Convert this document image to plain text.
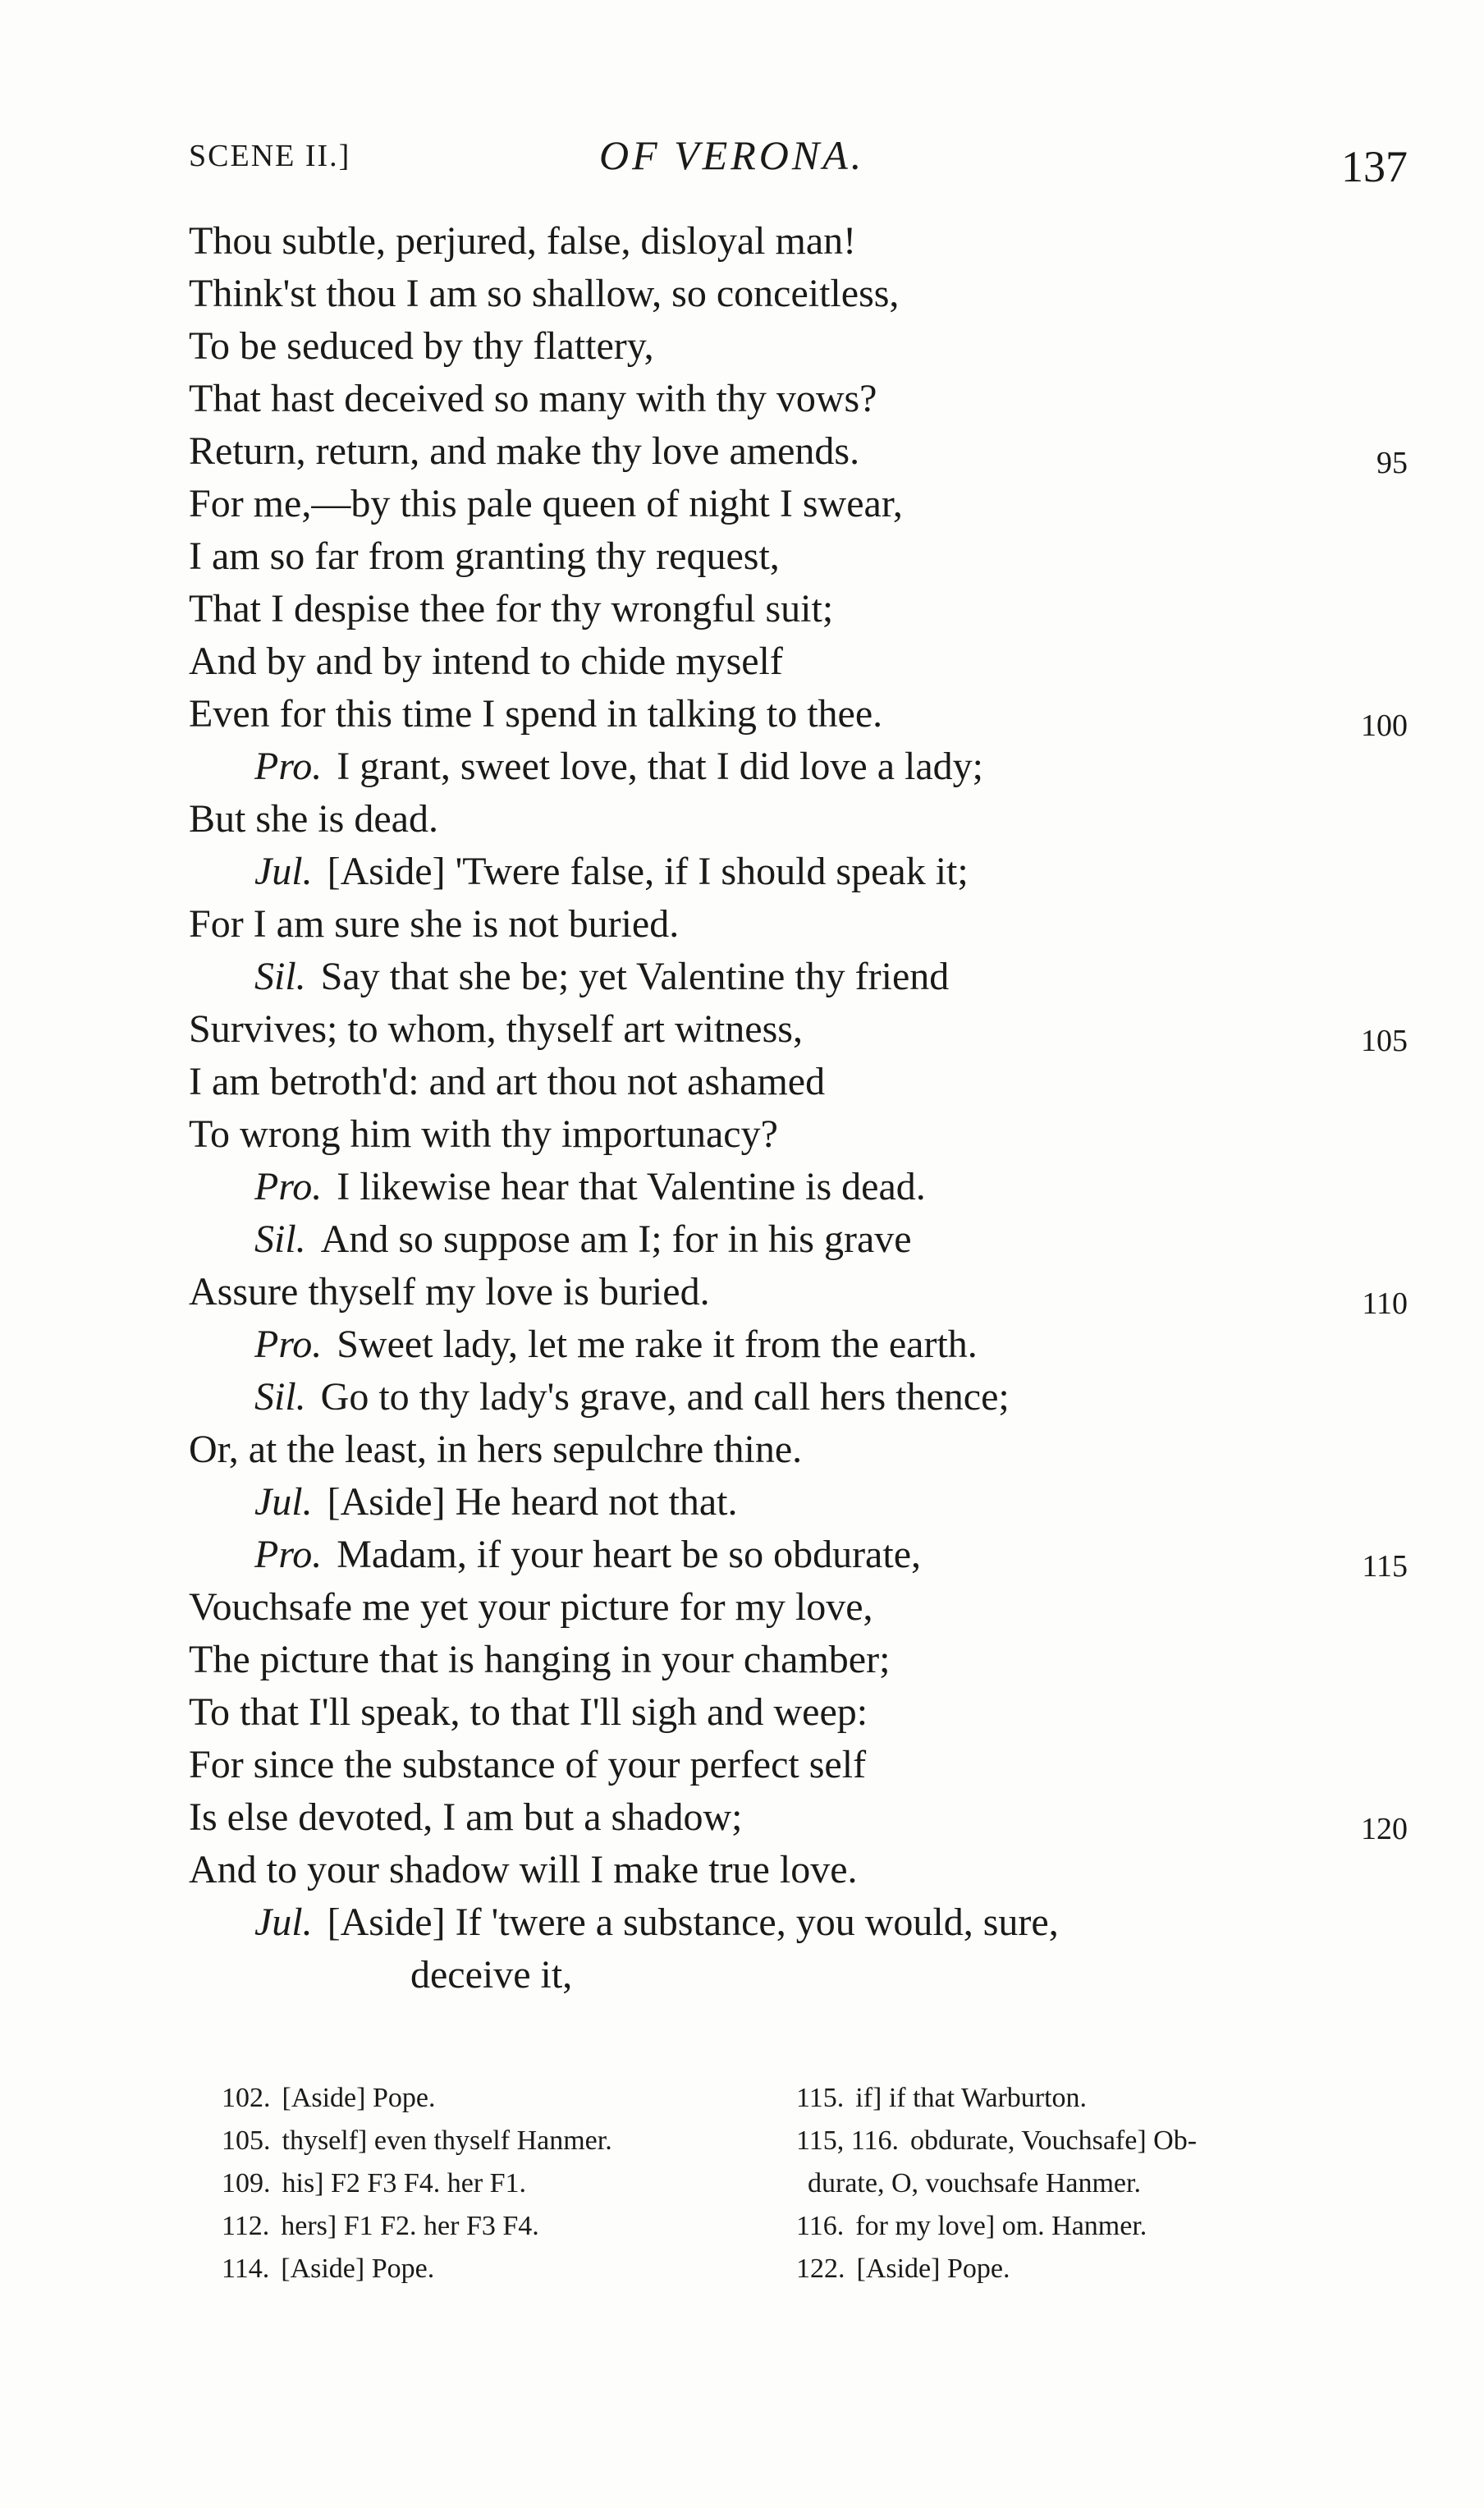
SCENE II.]	OF VERONA.	137
Thou subtle, perjured, false, disloyal man!
Think'st thou I am so shallow, so conceitless,
To be seduced by thy flattery,
That hast deceived so many with thy vows?
Return, return, and make thy love amends.	95
For me,—by this pale queen of night I swear,
I am so far from granting thy request,
That I despise thee for thy wrongful suit;
And by and by intend to chide myself
Even for this time I spend in talking to thee.	100
Pro. I grant, sweet love, that I did love a lady;
But she is dead.
Jul. [Aside] 'Twere false, if I should speak it;
For I am sure she is not buried.
Sil. Say that she be; yet Valentine thy friend
Survives; to whom, thyself art witness,	105
I am betroth'd: and art thou not ashamed
To wrong him with thy importunacy?
Pro. I likewise hear that Valentine is dead.
Sil. And so suppose am I; for in his grave
Assure thyself my love is buried.	110
Pro. Sweet lady, let me rake it from the earth.
Sil. Go to thy lady's grave, and call hers thence;
Or, at the least, in hers sepulchre thine.
Jul. [Aside] He heard not that.
Pro. Madam, if your heart be so obdurate,	115
Vouchsafe me yet your picture for my love,
The picture that is hanging in your chamber;
To that I'll speak, to that I'll sigh and weep:
For since the substance of your perfect self
Is else devoted, I am but a shadow;	120
And to your shadow will I make true love.
Jul. [Aside] If 'twere a substance, you would, sure,
deceive it,
102. [Aside] Pope.
105. thyself] even thyself Hanmer.
109. his] F2 F3 F4. her F1.
112. hers] F1 F2. her F3 F4.
114. [Aside] Pope.
115. if] if that Warburton.
115, 116. obdurate, Vouchsafe] Ob-
durate, O, vouchsafe Hanmer.
116. for my love] om. Hanmer.
122. [Aside] Pope.
